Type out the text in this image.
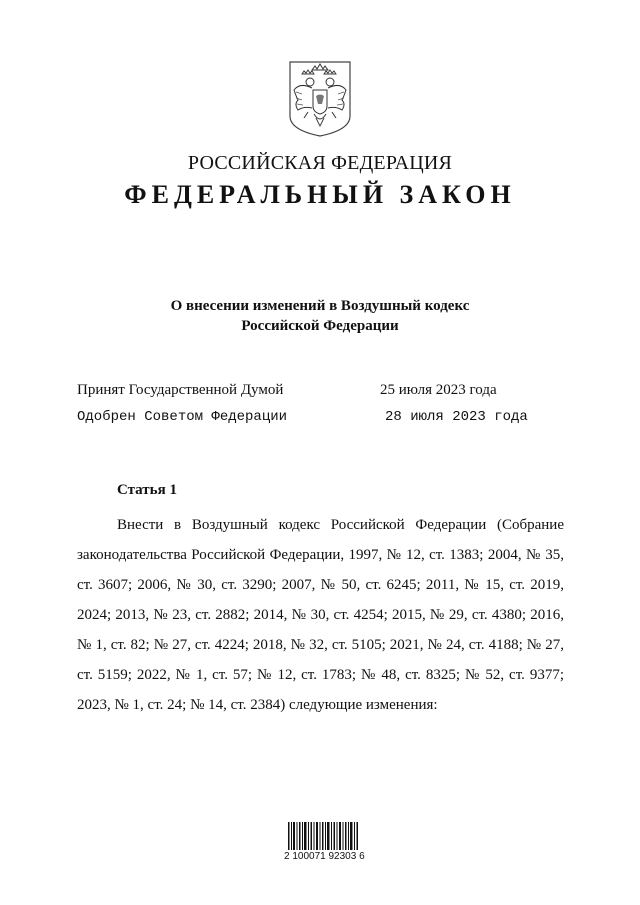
РОССИЙСКАЯ ФЕДЕРАЦИЯ
ФЕДЕРАЛЬНЫЙ ЗАКОН
О внесении изменений в Воздушный кодекс
Российской Федерации
Принят Государственной Думой	25 июля 2023 года
Одобрен Советом Федерации	28 июля 2023 года
Статья 1

Внести в Воздушный кодекс Российской Федерации (Собрание законодательства Российской Федерации, 1997, № 12, ст. 1383; 2004, № 35, ст. 3607; 2006, № 30, ст. 3290; 2007, № 50, ст. 6245; 2011, № 15, ст. 2019, 2024; 2013, № 23, ст. 2882; 2014, № 30, ст. 4254; 2015, № 29, ст. 4380; 2016, № 1, ст. 82; № 27, ст. 4224; 2018, № 32, ст. 5105; 2021, № 24, ст. 4188; № 27, ст. 5159; 2022, № 1, ст. 57; № 12, ст. 1783; № 48, ст. 8325; № 52, ст. 9377; 2023, № 1, ст. 24; № 14, ст. 2384) следующие изменения:

2 100071 92303 6
